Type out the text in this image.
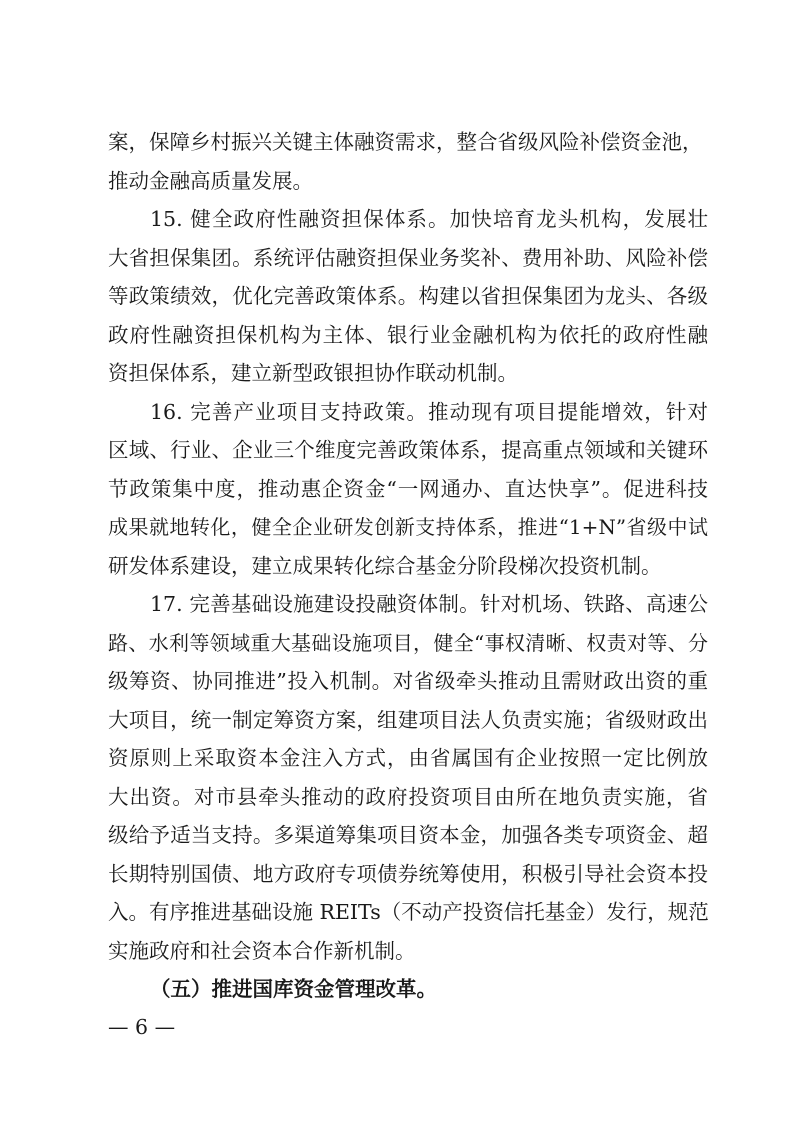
案，保障乡村振兴关键主体融资需求，整合省级风险补偿资金池，
推动金融高质量发展。
15. 健全政府性融资担保体系。加快培育龙头机构，发展壮
大省担保集团。系统评估融资担保业务奖补、费用补助、风险补偿
等政策绩效，优化完善政策体系。构建以省担保集团为龙头、各级
政府性融资担保机构为主体、银行业金融机构为依托的政府性融
资担保体系，建立新型政银担协作联动机制。
16. 完善产业项目支持政策。推动现有项目提能增效，针对
区域、行业、企业三个维度完善政策体系，提高重点领域和关键环
节政策集中度，推动惠企资金“一网通办、直达快享”。促进科技
成果就地转化，健全企业研发创新支持体系，推进“1+N”省级中试
研发体系建设，建立成果转化综合基金分阶段梯次投资机制。
17. 完善基础设施建设投融资体制。针对机场、铁路、高速公
路、水利等领域重大基础设施项目，健全“事权清晰、权责对等、分
级筹资、协同推进”投入机制。对省级牵头推动且需财政出资的重
大项目，统一制定筹资方案，组建项目法人负责实施；省级财政出
资原则上采取资本金注入方式，由省属国有企业按照一定比例放
大出资。对市县牵头推动的政府投资项目由所在地负责实施，省
级给予适当支持。多渠道筹集项目资本金，加强各类专项资金、超
长期特别国债、地方政府专项债券统筹使用，积极引导社会资本投
入。有序推进基础设施 REITs（不动产投资信托基金）发行，规范
实施政府和社会资本合作新机制。
（五）推进国库资金管理改革。
— 6 —
